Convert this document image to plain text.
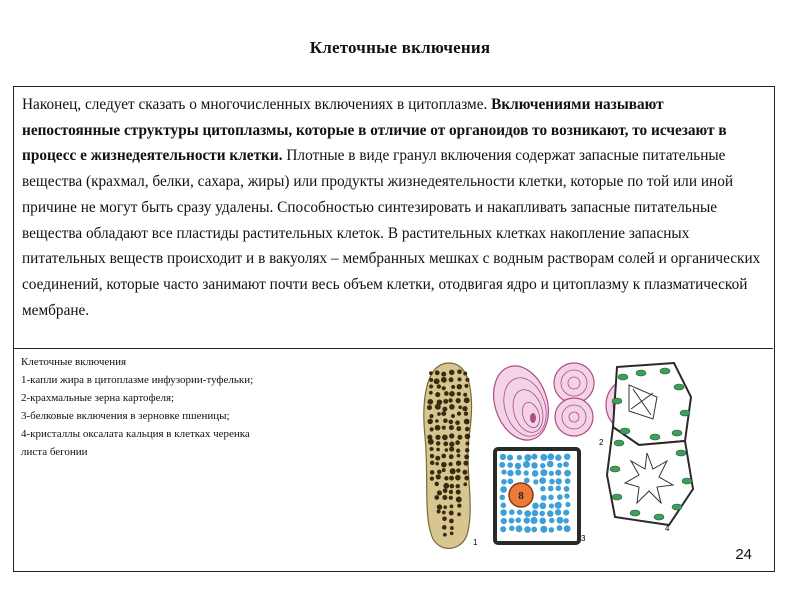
Клеточные включения
Наконец, следует сказать о многочисленных включениях в цитоплазме. Включениями называют непостоянные структуры цитоплазмы, которые в отличие от органоидов то возникают, то исчезают в процесс е жизнедеятельности клетки. Плотные в виде гранул включения содержат запасные питательные вещества (крахмал, белки, сахара, жиры) или продукты жизнедеятельности клетки, которые по той или иной причине не могут быть сразу удалены. Способностью синтезировать и накапливать запасные питательные вещества обладают все пластиды растительных клеток. В растительных клетках накопление запасных питательных веществ происходит и в вакуолях – мембранных мешках с водным растворам солей и органических соединений, которые часто занимают почти весь объем клетки, отодвигая ядро и цитоплазму к плазматической мембране.
Клеточные включения
1-капли жира в цитоплазме инфузории-туфельки;
2-крахмальные зерна картофеля;
3-белковые включения в зерновке пшеницы;
4-кристаллы оксалата кальция в клетках черенка
листа бегонии
1
2
8
3
4
24
